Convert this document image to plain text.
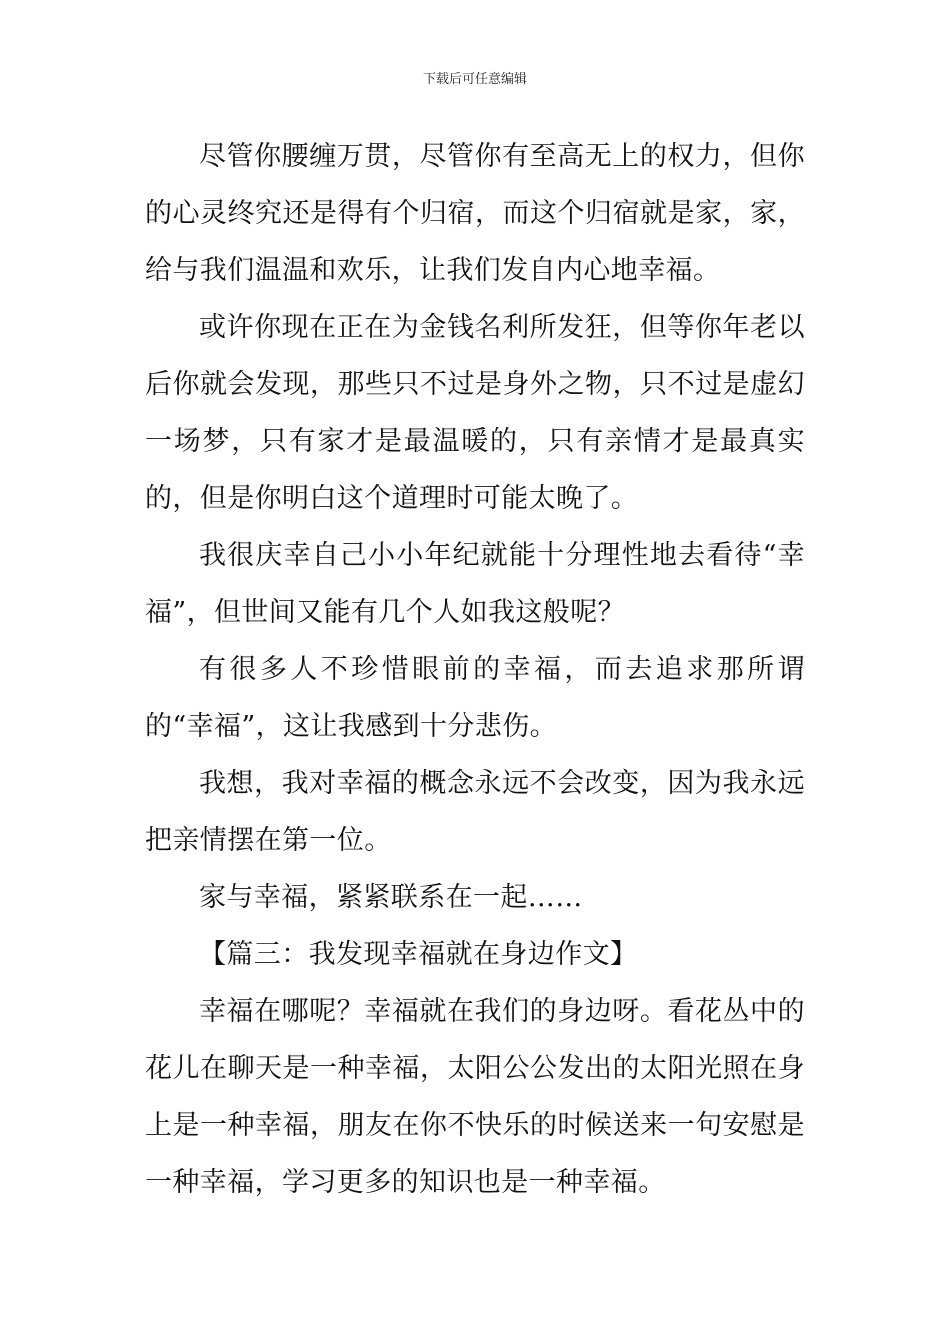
下载后可任意编辑

尽管你腰缠万贯，尽管你有至高无上的权力，但你的心灵终究还是得有个归宿，而这个归宿就是家，家，给与我们温温和欢乐，让我们发自内心地幸福。

或许你现在正在为金钱名利所发狂，但等你年老以后你就会发现，那些只不过是身外之物，只不过是虚幻一场梦，只有家才是最温暖的，只有亲情才是最真实的，但是你明白这个道理时可能太晚了。

我很庆幸自己小小年纪就能十分理性地去看待“幸福”，但世间又能有几个人如我这般呢？

有很多人不珍惜眼前的幸福，而去追求那所谓的“幸福”，这让我感到十分悲伤。

我想，我对幸福的概念永远不会改变，因为我永远把亲情摆在第一位。

家与幸福，紧紧联系在一起……

【篇三：我发现幸福就在身边作文】

幸福在哪呢？幸福就在我们的身边呀。看花丛中的花儿在聊天是一种幸福，太阳公公发出的太阳光照在身上是一种幸福，朋友在你不快乐的时候送来一句安慰是一种幸福，学习更多的知识也是一种幸福。
